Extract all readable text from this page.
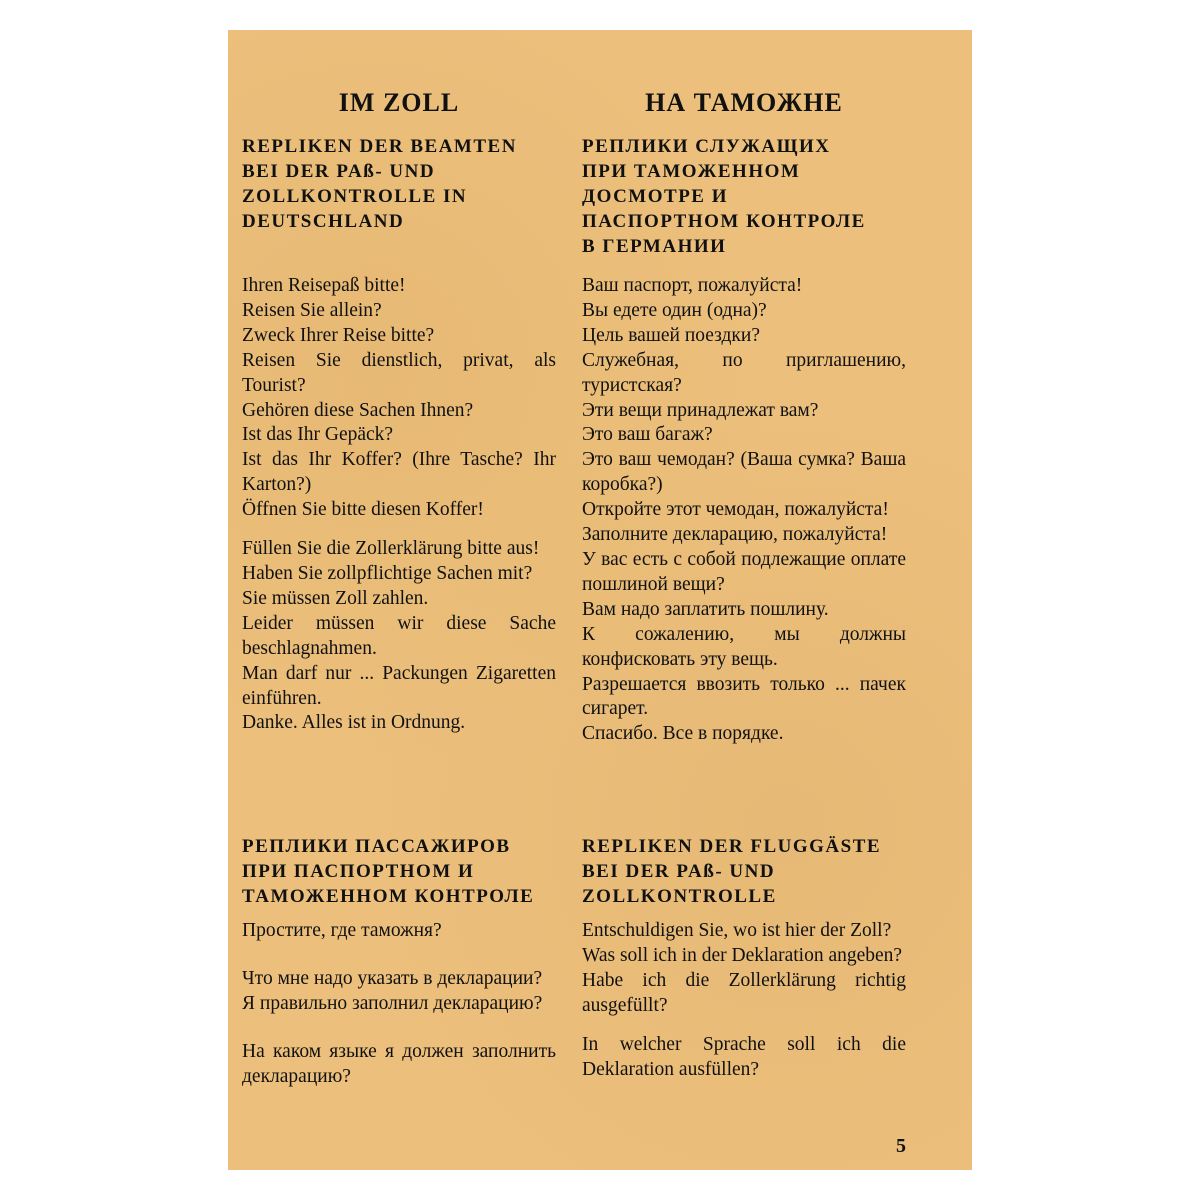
IM ZOLL	НА ТАМОЖНЕ

REPLIKEN DER BEAMTEN

BEI DER PAß- UND

ZOLLKONTROLLE IN

DEUTSCHLAND

Ihren Reisepaß bitte!

Reisen Sie allein?

Zweck Ihrer Reise bitte?

Reisen Sie dienstlich, privat, als Tourist?

Gehören diese Sachen Ihnen?

Ist das Ihr Gepäck?

Ist das Ihr Koffer? (Ihre Tasche? Ihr Karton?)

Öffnen Sie bitte diesen Koffer!

Füllen Sie die Zollerklärung bitte aus!

Haben Sie zollpflichtige Sachen mit?

Sie müssen Zoll zahlen.

Leider müssen wir diese Sache beschlagnahmen.

Man darf nur ... Packungen Zigaretten einführen.

Danke. Alles ist in Ordnung.

РЕПЛИКИ СЛУЖАЩИХ

ПРИ ТАМОЖЕННОМ

ДОСМОТРЕ И

ПАСПОРТНОМ КОНТРОЛЕ

В ГЕРМАНИИ

Ваш паспорт, пожалуйста!

Вы едете один (одна)?

Цель вашей поездки?

Служебная, по приглашению, туристская?

Эти вещи принадлежат вам?

Это ваш багаж?

Это ваш чемодан? (Ваша сумка? Ваша коробка?)

Откройте этот чемодан, пожалуйста!

Заполните декларацию, пожалуйста!

У вас есть с собой подлежащие оплате пошлиной вещи?

Вам надо заплатить пошлину.

К сожалению, мы должны конфисковать эту вещь.

Разрешается ввозить только ... пачек сигарет.

Спасибо. Все в порядке.

РЕПЛИКИ ПАССАЖИРОВ

ПРИ ПАСПОРТНОМ И

ТАМОЖЕННОМ КОНТРОЛЕ

Простите, где таможня?

Что мне надо указать в декларации?

Я правильно заполнил декларацию?

На каком языке я должен заполнить декларацию?

REPLIKEN DER FLUGGÄSTE

BEI DER PAß- UND

ZOLLKONTROLLE

Entschuldigen Sie, wo ist hier der Zoll?

Was soll ich in der Deklaration angeben?

Habe ich die Zollerklärung richtig ausgefüllt?

In welcher Sprache soll ich die Deklaration ausfüllen?

5
